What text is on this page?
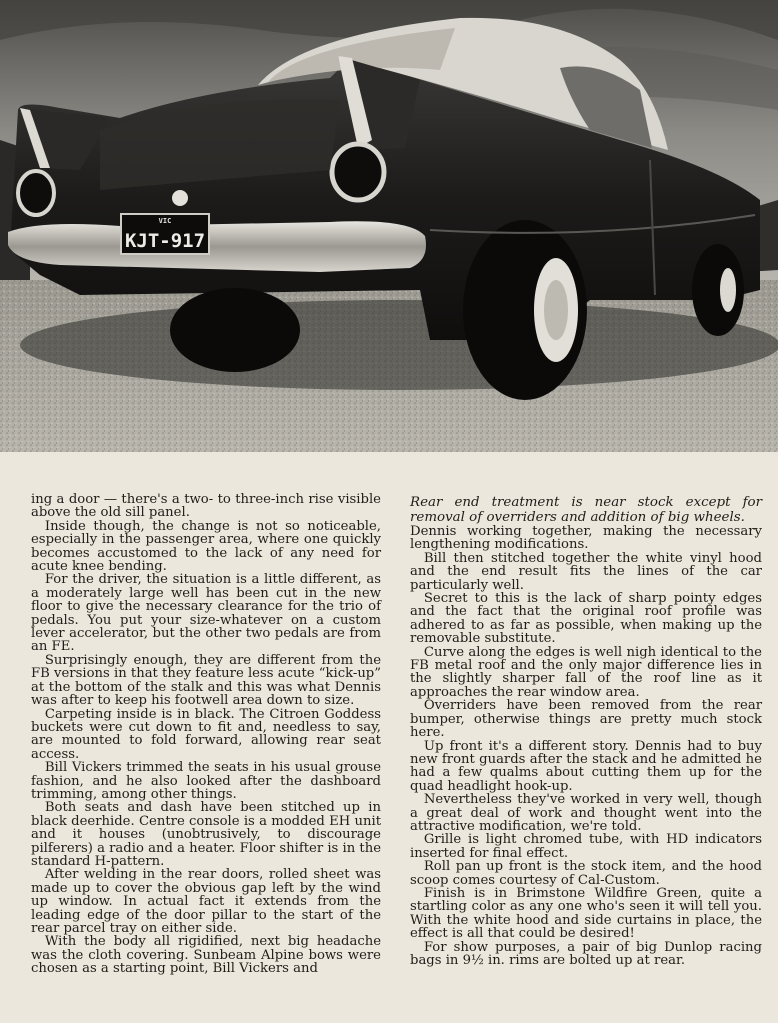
VIC
KJT-917

ing a door — there's a two- to three-inch rise visible above the old sill panel.

Inside though, the change is not so noticeable, especially in the passenger area, where one quickly becomes accustomed to the lack of any need for acute knee bending.

For the driver, the situation is a little different, as a moderately large well has been cut in the new floor to give the necessary clearance for the trio of pedals. You put your size-whatever on a custom lever accelerator, but the other two pedals are from an FE.

Surprisingly enough, they are different from the FB versions in that they feature less acute “kick-up” at the bottom of the stalk and this was what Dennis was after to keep his footwell area down to size.

Carpeting inside is in black. The Citroen Goddess buckets were cut down to fit and, needless to say, are mounted to fold forward, allowing rear seat access.

Bill Vickers trimmed the seats in his usual grouse fashion, and he also looked after the dashboard trimming, among other things.

Both seats and dash have been stitched up in black deerhide. Centre console is a modded EH unit and it houses (unobtrusively, to discourage pilferers) a radio and a heater. Floor shifter is in the standard H-pattern.

After welding in the rear doors, rolled sheet was made up to cover the obvious gap left by the wind up window. In actual fact it extends from the leading edge of the door pillar to the start of the rear parcel tray on either side.

With the body all rigidified, next big headache was the cloth covering. Sunbeam Alpine bows were chosen as a starting point, Bill Vickers and

Rear end treatment is near stock except for removal of overriders and addition of big wheels.

Dennis working together, making the necessary lengthening modifications.

Bill then stitched together the white vinyl hood and the end result fits the lines of the car particularly well.

Secret to this is the lack of sharp pointy edges and the fact that the original roof profile was adhered to as far as possible, when making up the removable substitute.

Curve along the edges is well nigh identical to the FB metal roof and the only major difference lies in the slightly sharper fall of the roof line as it approaches the rear window area.

Overriders have been removed from the rear bumper, otherwise things are pretty much stock here.

Up front it's a different story. Dennis had to buy new front guards after the stack and he admitted he had a few qualms about cutting them up for the quad headlight hook-up.

Nevertheless they've worked in very well, though a great deal of work and thought went into the attractive modification, we're told.

Grille is light chromed tube, with HD indicators inserted for final effect.

Roll pan up front is the stock item, and the hood scoop comes courtesy of Cal-Custom.

Finish is in Brimstone Wildfire Green, quite a startling color as any one who's seen it will tell you. With the white hood and side curtains in place, the effect is all that could be desired!

For show purposes, a pair of big Dunlop racing bags in 9½ in. rims are bolted up at rear.
